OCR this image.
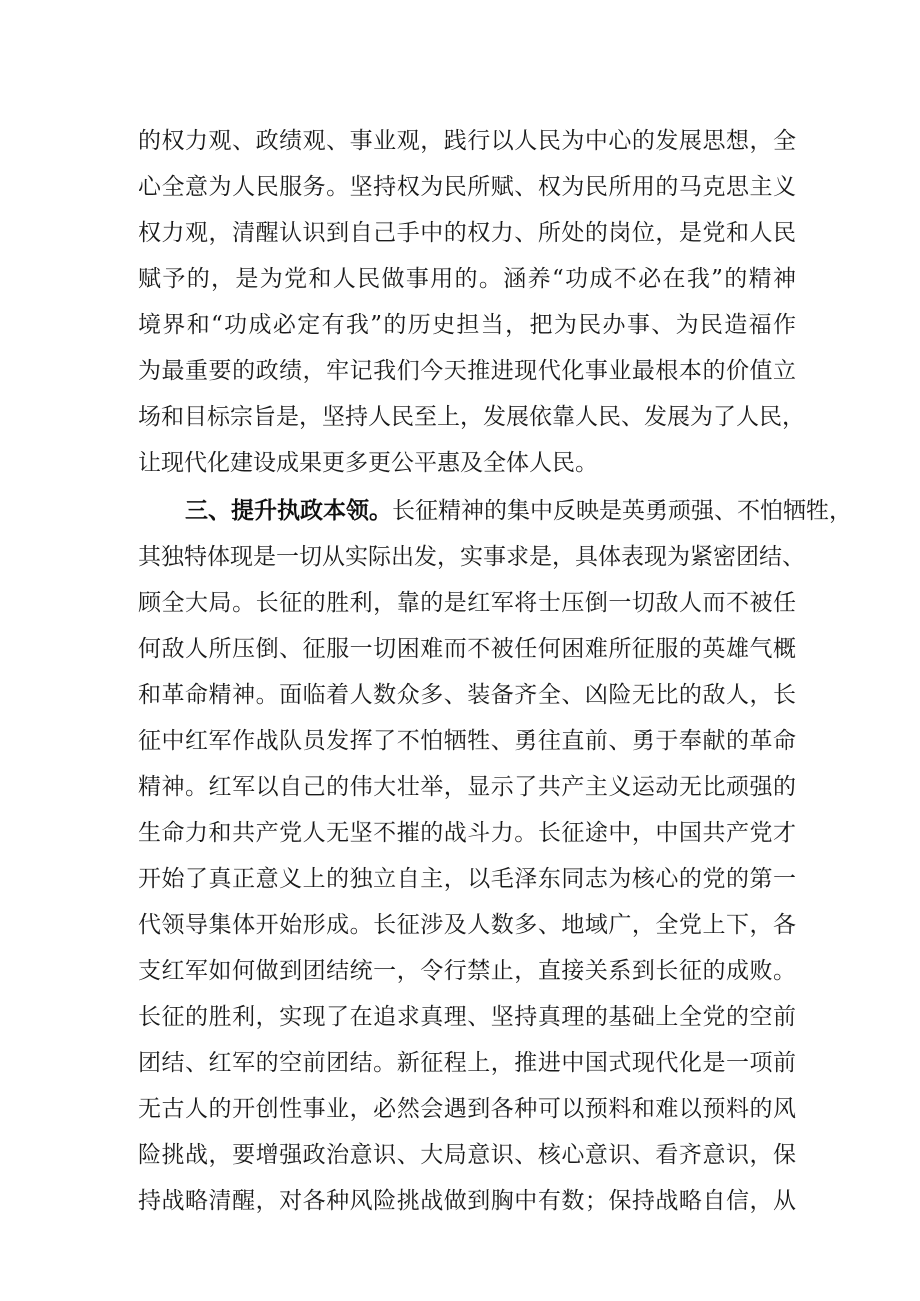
的权力观、政绩观、事业观，践行以人民为中心的发展思想，全
心全意为人民服务。坚持权为民所赋、权为民所用的马克思主义
权力观，清醒认识到自己手中的权力、所处的岗位，是党和人民
赋予的，是为党和人民做事用的。涵养“功成不必在我”的精神
境界和“功成必定有我”的历史担当，把为民办事、为民造福作
为最重要的政绩，牢记我们今天推进现代化事业最根本的价值立
场和目标宗旨是，坚持人民至上，发展依靠人民、发展为了人民，
让现代化建设成果更多更公平惠及全体人民。
三、提升执政本领。长征精神的集中反映是英勇顽强、不怕牺牲，
其独特体现是一切从实际出发，实事求是，具体表现为紧密团结、
顾全大局。长征的胜利，靠的是红军将士压倒一切敌人而不被任
何敌人所压倒、征服一切困难而不被任何困难所征服的英雄气概
和革命精神。面临着人数众多、装备齐全、凶险无比的敌人，长
征中红军作战队员发挥了不怕牺牲、勇往直前、勇于奉献的革命
精神。红军以自己的伟大壮举，显示了共产主义运动无比顽强的
生命力和共产党人无坚不摧的战斗力。长征途中，中国共产党才
开始了真正意义上的独立自主，以毛泽东同志为核心的党的第一
代领导集体开始形成。长征涉及人数多、地域广，全党上下，各
支红军如何做到团结统一，令行禁止，直接关系到长征的成败。
长征的胜利，实现了在追求真理、坚持真理的基础上全党的空前
团结、红军的空前团结。新征程上，推进中国式现代化是一项前
无古人的开创性事业，必然会遇到各种可以预料和难以预料的风
险挑战，要增强政治意识、大局意识、核心意识、看齐意识，保
持战略清醒，对各种风险挑战做到胸中有数；保持战略自信，从
